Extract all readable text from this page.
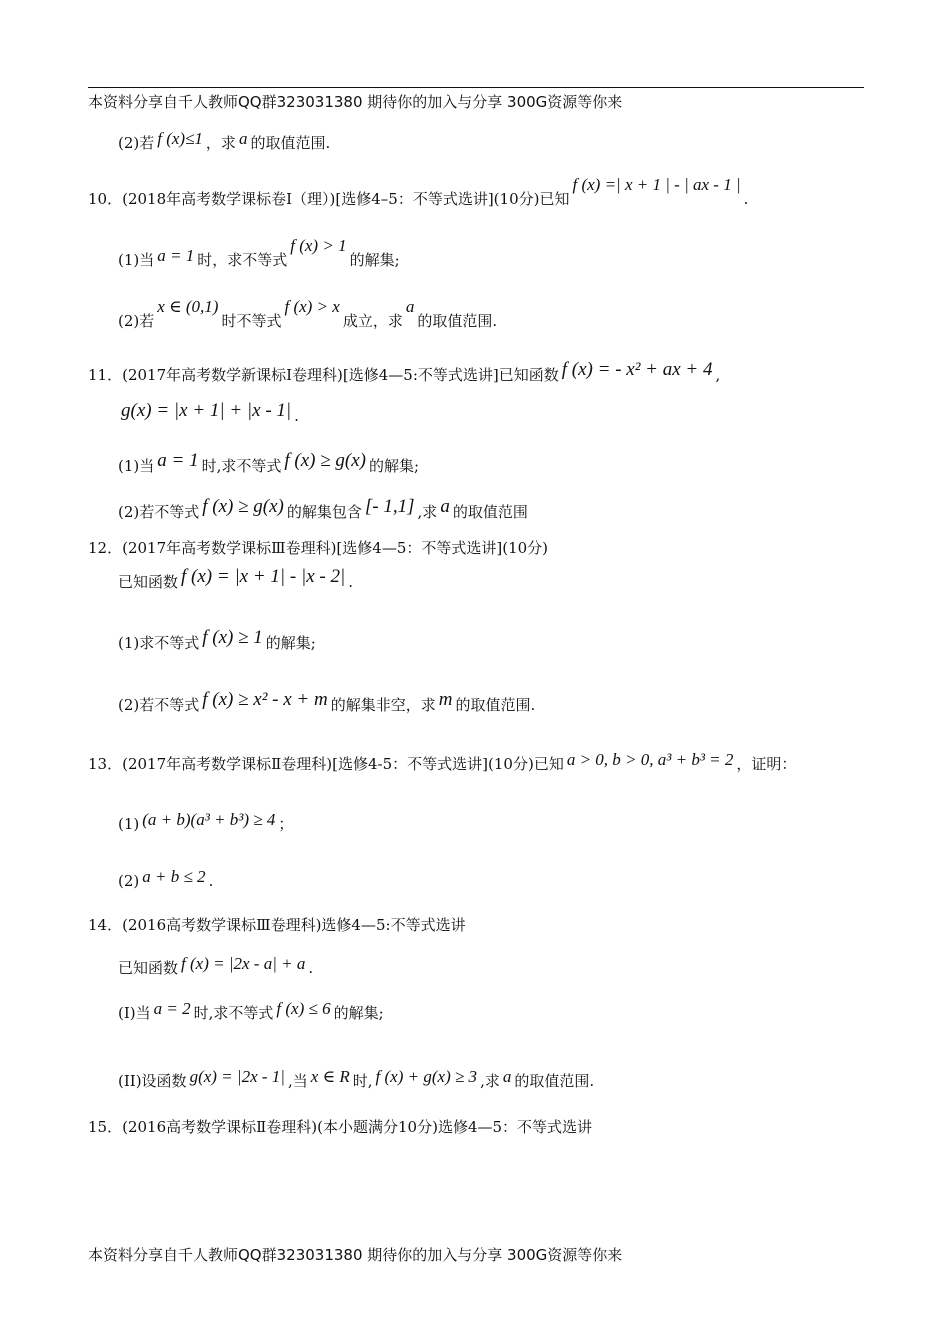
本资料分享自千人教师QQ群323031380 期待你的加入与分享 300G资源等你来
(2)若 f (x)≤1 ，求 a 的取值范围.
10．(2018年高考数学课标卷Ⅰ（理）)[选修4–5：不等式选讲](10分)已知f (x) =| x + 1 | - | ax - 1 |.
(1)当 a = 1 时，求不等式f (x) > 1的解集;
(2)若x ∈ (0,1)时不等式f (x) > x成立，求a的取值范围.
11．(2017年高考数学新课标Ⅰ卷理科)[选修4—5:不等式选讲]已知函数 f (x) = - x² + ax + 4 ,
g(x) = |x + 1| + |x - 1| .
(1)当 a = 1 时,求不等式 f (x) ≥ g(x) 的解集;
(2)若不等式 f (x) ≥ g(x) 的解集包含 [- 1,1] ,求 a 的取值范围
12．(2017年高考数学课标Ⅲ卷理科)[选修4—5：不等式选讲](10分)
已知函数 f (x) = |x + 1| - |x - 2| .
(1)求不等式 f (x) ≥ 1 的解集;
(2)若不等式 f (x) ≥ x² - x + m 的解集非空，求 m 的取值范围.
13．(2017年高考数学课标Ⅱ卷理科)[选修4-5：不等式选讲](10分)已知 a > 0, b > 0, a³ + b³ = 2 ，证明：
(1) (a + b)(a³ + b³) ≥ 4 ；
(2) a + b ≤ 2 .
14．(2016高考数学课标Ⅲ卷理科)选修4—5:不等式选讲
已知函数 f (x) = |2x - a| + a .
(I)当 a = 2 时,求不等式 f (x) ≤ 6 的解集;
(II)设函数 g(x) = |2x - 1| ,当 x ∈ R 时, f (x) + g(x) ≥ 3 ,求 a 的取值范围.
15．(2016高考数学课标Ⅱ卷理科)(本小题满分10分)选修4—5：不等式选讲
本资料分享自千人教师QQ群323031380 期待你的加入与分享 300G资源等你来
